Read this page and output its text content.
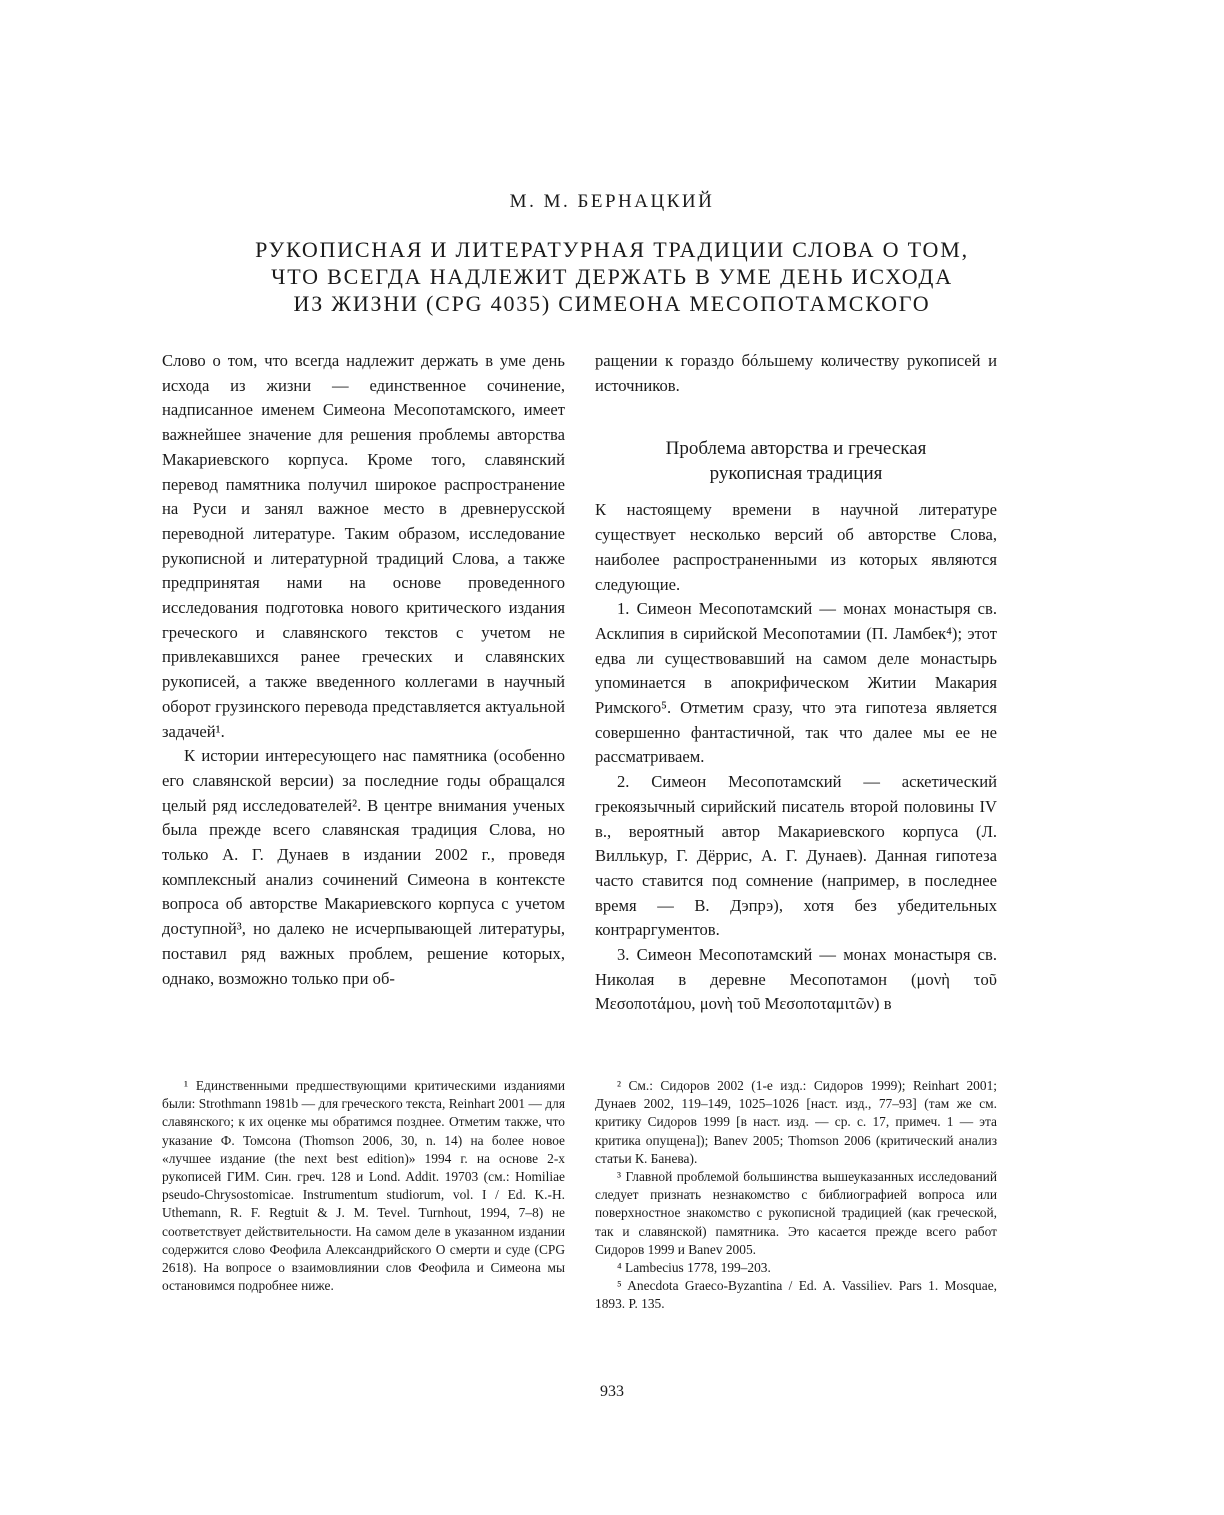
М. М. БЕРНАЦКИЙ
РУКОПИСНАЯ И ЛИТЕРАТУРНАЯ ТРАДИЦИИ СЛОВА О ТОМ,
ЧТО ВСЕГДА НАДЛЕЖИТ ДЕРЖАТЬ В УМЕ ДЕНЬ ИСХОДА
ИЗ ЖИЗНИ (CPG 4035) СИМЕОНА МЕСОПОТАМСКОГО

Слово о том, что всегда надлежит держать в уме день исхода из жизни — единственное сочинение, надписанное именем Симеона Месопотамского, имеет важнейшее значение для решения проблемы авторства Макариевского корпуса. Кроме того, славянский перевод памятника получил широкое распространение на Руси и занял важное место в древнерусской переводной литературе. Таким образом, исследование рукописной и литературной традиций Слова, а также предпринятая нами на основе проведенного исследования подготовка нового критического издания греческого и славянского текстов с учетом не привлекавшихся ранее греческих и славянских рукописей, а также введенного коллегами в научный оборот грузинского перевода представляется актуальной задачей¹.

К истории интересующего нас памятника (особенно его славянской версии) за последние годы обращался целый ряд исследователей². В центре внимания ученых была прежде всего славянская традиция Слова, но только А. Г. Дунаев в издании 2002 г., проведя комплексный анализ сочинений Симеона в контексте вопроса об авторстве Макариевского корпуса с учетом доступной³, но далеко не исчерпывающей литературы, поставил ряд важных проблем, решение которых, однако, возможно только при об-

ращении к гораздо бóльшему количеству рукописей и источников.

Проблема авторства и греческая
рукописная традиция

К настоящему времени в научной литературе существует несколько версий об авторстве Слова, наиболее распространенными из которых являются следующие.

1. Симеон Месопотамский — монах монастыря св. Асклипия в сирийской Месопотамии (П. Ламбек⁴); этот едва ли существовавший на самом деле монастырь упоминается в апокрифическом Житии Макария Римского⁵. Отметим сразу, что эта гипотеза является совершенно фантастичной, так что далее мы ее не рассматриваем.

2. Симеон Месопотамский — аскетический грекоязычный сирийский писатель второй половины IV в., вероятный автор Макариевского корпуса (Л. Виллькур, Г. Дёррис, А. Г. Дунаев). Данная гипотеза часто ставится под сомнение (например, в последнее время — В. Дэпрэ), хотя без убедительных контраргументов.

3. Симеон Месопотамский — монах монастыря св. Николая в деревне Месопотамон (μονὴ τοῦ Μεσοποτάμου, μονὴ τοῦ Μεσοποταμιτῶν) в

¹ Единственными предшествующими критическими изданиями были: Strothmann 1981b — для греческого текста, Reinhart 2001 — для славянского; к их оценке мы обратимся позднее. Отметим также, что указание Ф. Томсона (Thomson 2006, 30, n. 14) на более новое «лучшее издание (the next best edition)» 1994 г. на основе 2-х рукописей ГИМ. Син. греч. 128 и Lond. Addit. 19703 (см.: Homiliae pseudo-Chrysostomicae. Instrumentum studiorum, vol. I / Ed. K.-H. Uthemann, R. F. Regtuit & J. M. Tevel. Turnhout, 1994, 7–8) не соответствует действительности. На самом деле в указанном издании содержится слово Феофила Александрийского О смерти и суде (CPG 2618). На вопросе о взаимовлиянии слов Феофила и Симеона мы остановимся подробнее ниже.

² См.: Сидоров 2002 (1-е изд.: Сидоров 1999); Reinhart 2001; Дунаев 2002, 119–149, 1025–1026 [наст. изд., 77–93] (там же см. критику Сидоров 1999 [в наст. изд. — ср. с. 17, примеч. 1 — эта критика опущена]); Banev 2005; Thomson 2006 (критический анализ статьи К. Банева).

³ Главной проблемой большинства вышеуказанных исследований следует признать незнакомство с библиографией вопроса или поверхностное знакомство с рукописной традицией (как греческой, так и славянской) памятника. Это касается прежде всего работ Сидоров 1999 и Banev 2005.

⁴ Lambecius 1778, 199–203.

⁵ Anecdota Graeco-Byzantina / Ed. A. Vassiliev. Pars 1. Mosquae, 1893. P. 135.

933
